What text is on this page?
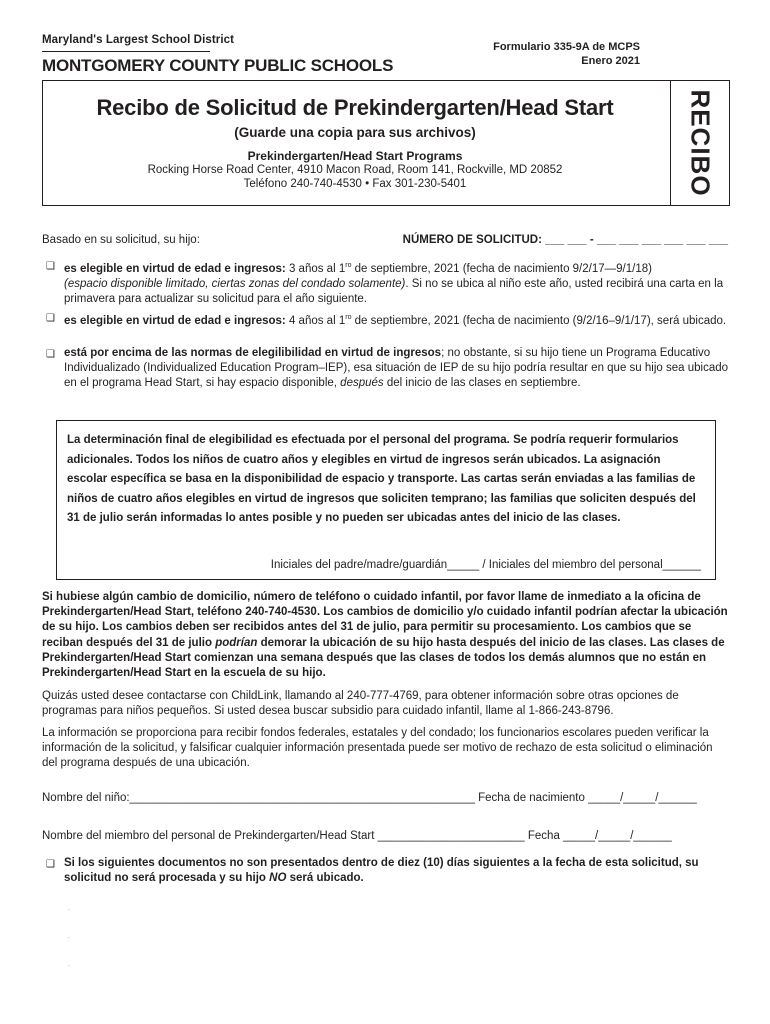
Maryland's Largest School District
MONTGOMERY COUNTY PUBLIC SCHOOLS
Formulario 335-9A de MCPS
Enero 2021
Recibo de Solicitud de Prekindergarten/Head Start
(Guarde una copia para sus archivos)
Prekindergarten/Head Start Programs
Rocking Horse Road Center, 4910 Macon Road, Room 141, Rockville, MD 20852
Teléfono 240-740-4530 • Fax 301-230-5401	RECIBO
Basado en su solicitud, su hijo:	NÚMERO DE SOLICITUD: ___ ___ - ___ ___ ___ ___ ___ ___
❑ es elegible en virtud de edad e ingresos: 3 años al $1^{ro}$ de septiembre, 2021 (fecha de nacimiento 9/2/17—9/1/18)
(espacio disponible limitado, ciertas zonas del condado solamente). Si no se ubica al niño este año, usted recibirá una carta en la primavera para actualizar su solicitud para el año siguiente.
❑ es elegible en virtud de edad e ingresos: 4 años al $1^{ro}$ de septiembre, 2021 (fecha de nacimiento (9/2/16–9/1/17), será ubicado.
❑ está por encima de las normas de elegilibilidad en virtud de ingresos; no obstante, si su hijo tiene un Programa Educativo Individualizado (Individualized Education Program–IEP), esa situación de IEP de su hijo podría resultar en que su hijo sea ubicado en el programa Head Start, si hay espacio disponible, después del inicio de las clases en septiembre.
La determinación final de elegibilidad es efectuada por el personal del programa. Se podría requerir formularios adicionales. Todos los niños de cuatro años y elegibles en virtud de ingresos serán ubicados. La asignación escolar específica se basa en la disponibilidad de espacio y transporte. Las cartas serán enviadas a las familias de niños de cuatro años elegibles en virtud de ingresos que soliciten temprano; las familias que soliciten después del 31 de julio serán informadas lo antes posible y no pueden ser ubicadas antes del inicio de las clases.
Iniciales del padre/madre/guardián_____ / Iniciales del miembro del personal______
Si hubiese algún cambio de domicilio, número de teléfono o cuidado infantil, por favor llame de inmediato a la oficina de Prekindergarten/Head Start, teléfono 240-740-4530. Los cambios de domicilio y/o cuidado infantil podrían afectar la ubicación de su hijo. Los cambios deben ser recibidos antes del 31 de julio, para permitir su procesamiento. Los cambios que se reciban después del 31 de julio podrían demorar la ubicación de su hijo hasta después del inicio de las clases. Las clases de Prekindergarten/Head Start comienzan una semana después que las clases de todos los demás alumnos que no están en Prekindergarten/Head Start en la escuela de su hijo.
Quizás usted desee contactarse con ChildLink, llamando al 240-777-4769, para obtener información sobre otras opciones de programas para niños pequeños. Si usted desea buscar subsidio para cuidado infantil, llame al 1-866-243-8796.
La información se proporciona para recibir fondos federales, estatales y del condado; los funcionarios escolares pueden verificar la información de la solicitud, y falsificar cualquier información presentada puede ser motivo de rechazo de esta solicitud o eliminación del programa después de una ubicación.
Nombre del niño:______________________________________________________ Fecha de nacimiento _____/_____/______
Nombre del miembro del personal de Prekindergarten/Head Start _______________________ Fecha _____/_____/______
❑ Si los siguientes documentos no son presentados dentro de diez (10) días siguientes a la fecha de esta solicitud, su solicitud no será procesada y su hijo NO será ubicado.
.
.
.
